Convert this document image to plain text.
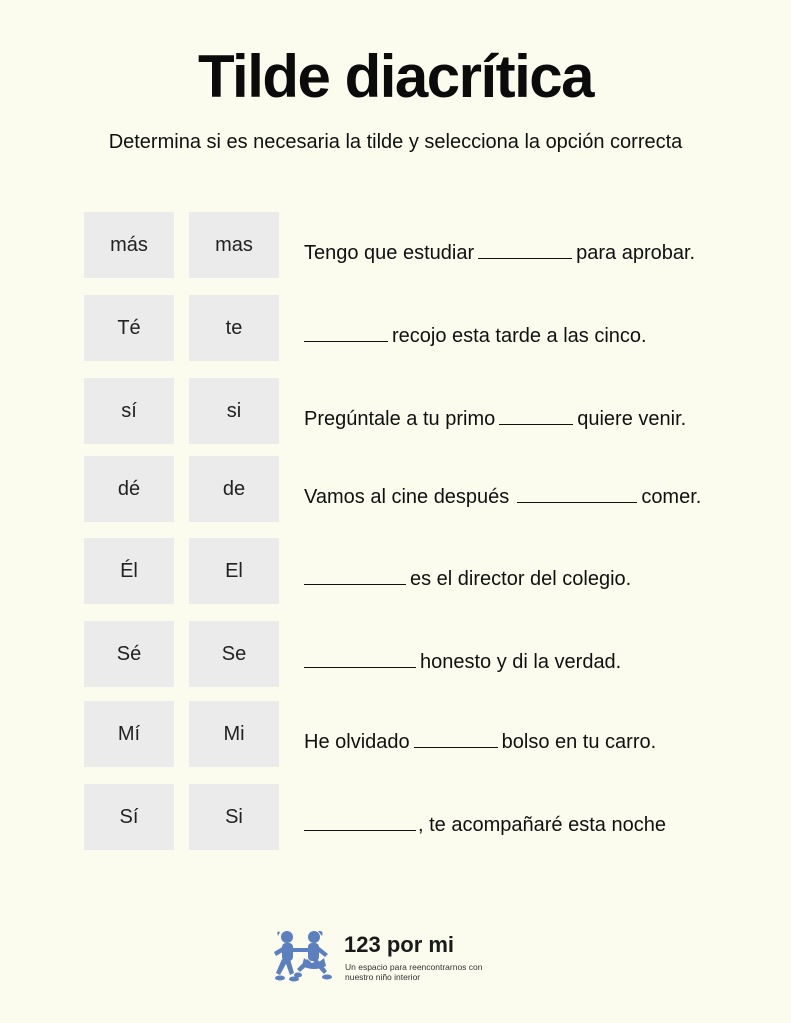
Tilde diacrítica
Determina si es necesaria la tilde y selecciona la opción correcta
más	mas	Tengo que estudiar	para aprobar.
Té	te	recojo esta tarde a las cinco.
sí	si	Pregúntale a tu primo	quiere venir.
dé	de	Vamos al cine después	comer.
Él	El	es el director del colegio.
Sé	Se	honesto y di la verdad.
Mí	Mi	He olvidado	bolso en tu carro.
Sí	Si	, te acompañaré esta noche
123 por mi
Un espacio para reencontrarnos con nuestro niño interior
